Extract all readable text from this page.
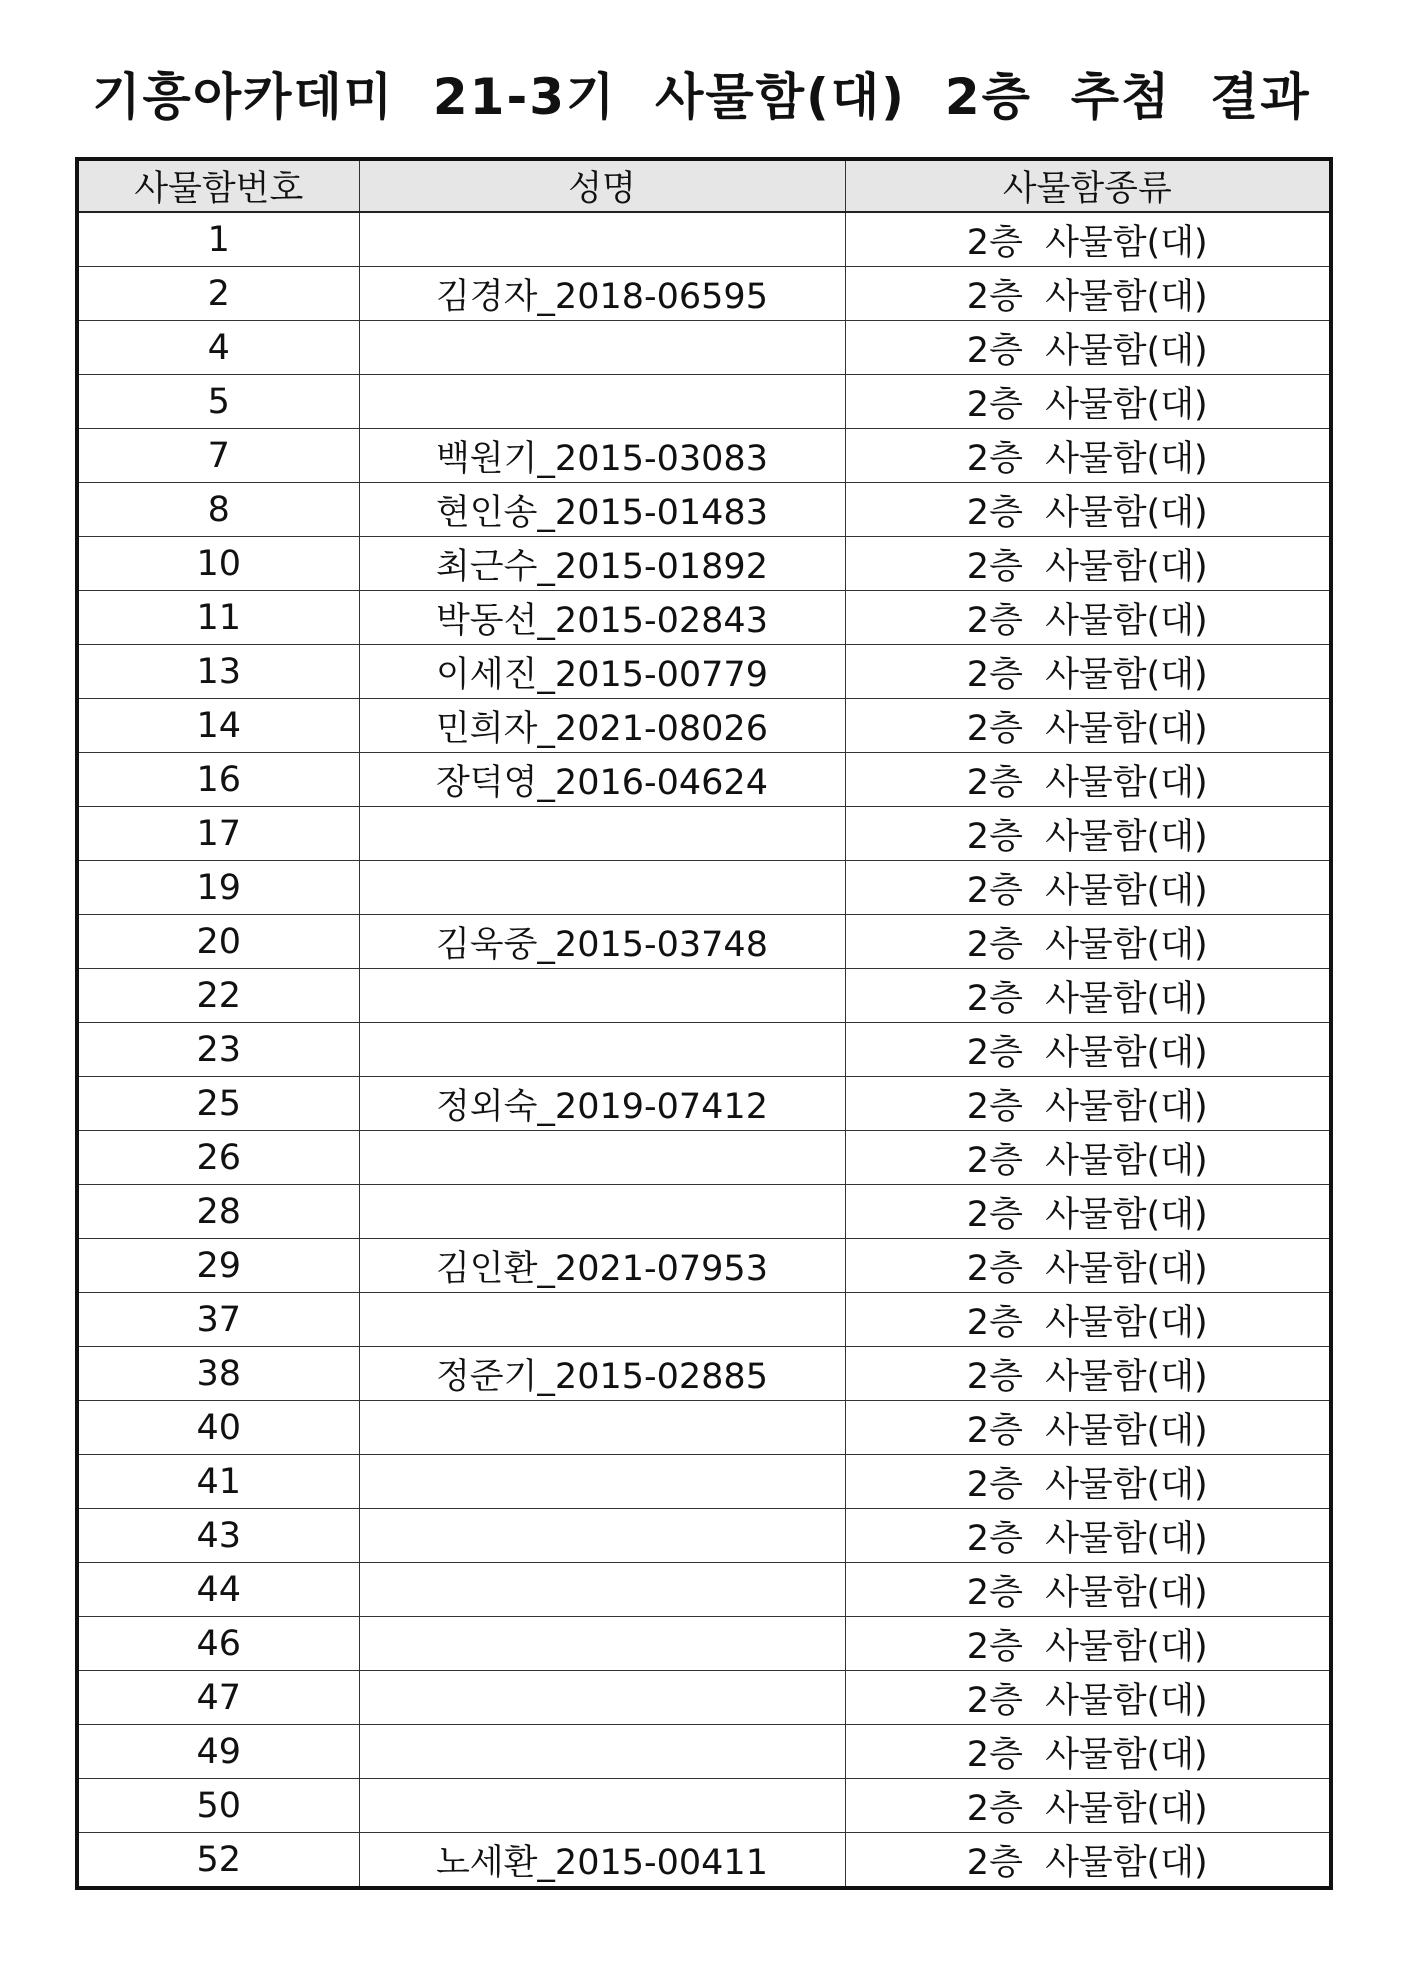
기흥아카데미  21-3기  사물함(대)  2층  추첨  결과
사물함번호	성명	사물함종류
1		2층  사물함(대)
2	김경자_2018-06595	2층  사물함(대)
4		2층  사물함(대)
5		2층  사물함(대)
7	백원기_2015-03083	2층  사물함(대)
8	현인송_2015-01483	2층  사물함(대)
10	최근수_2015-01892	2층  사물함(대)
11	박동선_2015-02843	2층  사물함(대)
13	이세진_2015-00779	2층  사물함(대)
14	민희자_2021-08026	2층  사물함(대)
16	장덕영_2016-04624	2층  사물함(대)
17		2층  사물함(대)
19		2층  사물함(대)
20	김욱중_2015-03748	2층  사물함(대)
22		2층  사물함(대)
23		2층  사물함(대)
25	정외숙_2019-07412	2층  사물함(대)
26		2층  사물함(대)
28		2층  사물함(대)
29	김인환_2021-07953	2층  사물함(대)
37		2층  사물함(대)
38	정준기_2015-02885	2층  사물함(대)
40		2층  사물함(대)
41		2층  사물함(대)
43		2층  사물함(대)
44		2층  사물함(대)
46		2층  사물함(대)
47		2층  사물함(대)
49		2층  사물함(대)
50		2층  사물함(대)
52	노세환_2015-00411	2층  사물함(대)
